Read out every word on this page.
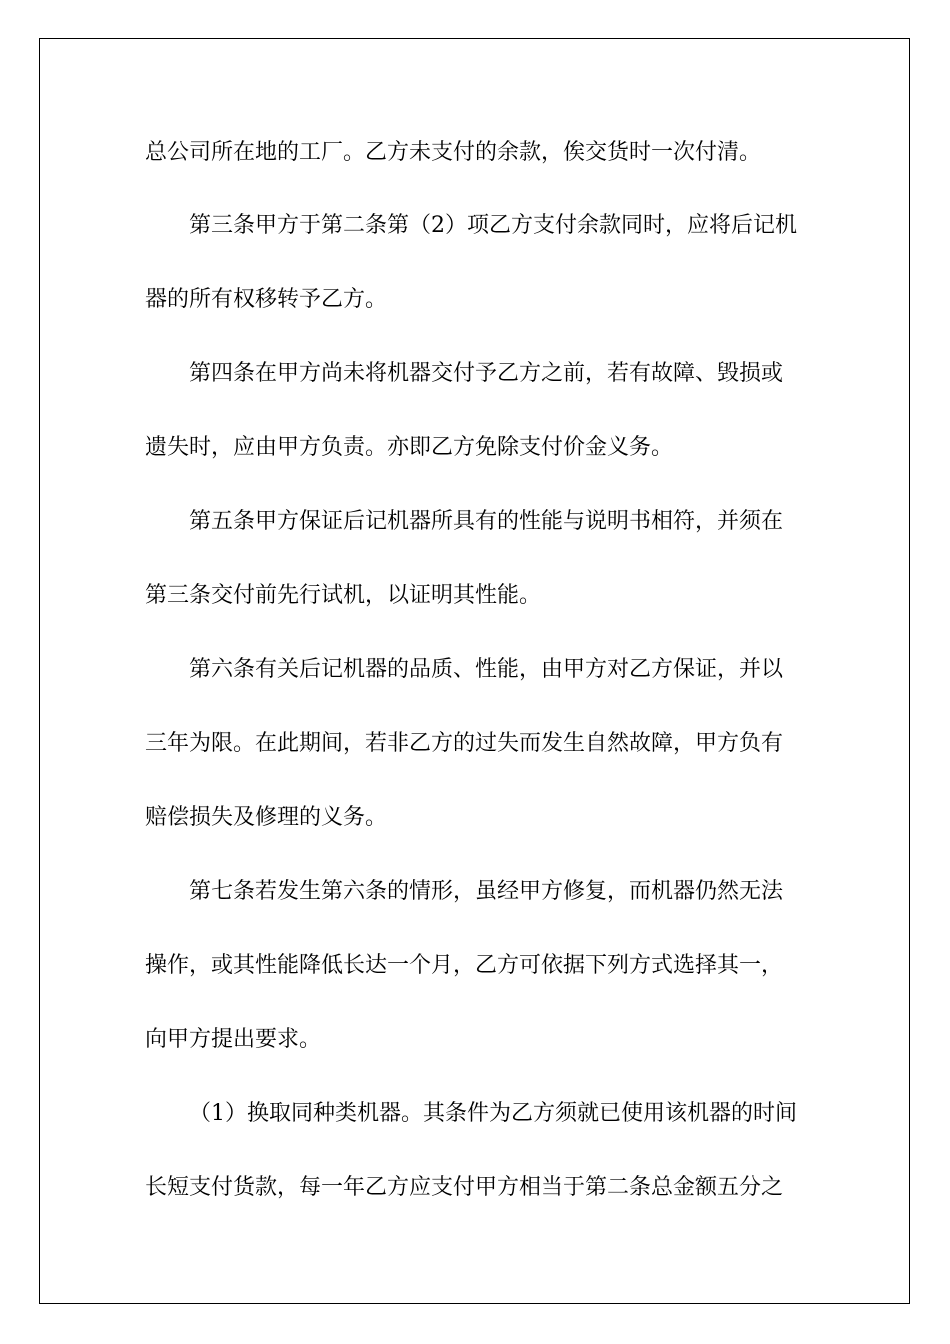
总公司所在地的工厂。乙方未支付的余款，俟交货时一次付清。
第三条甲方于第二条第（2）项乙方支付余款同时，应将后记机
器的所有权移转予乙方。
第四条在甲方尚未将机器交付予乙方之前，若有故障、毁损或
遗失时，应由甲方负责。亦即乙方免除支付价金义务。
第五条甲方保证后记机器所具有的性能与说明书相符，并须在
第三条交付前先行试机，以证明其性能。
第六条有关后记机器的品质、性能，由甲方对乙方保证，并以
三年为限。在此期间，若非乙方的过失而发生自然故障，甲方负有
赔偿损失及修理的义务。
第七条若发生第六条的情形，虽经甲方修复，而机器仍然无法
操作，或其性能降低长达一个月，乙方可依据下列方式选择其一，
向甲方提出要求。
（1）换取同种类机器。其条件为乙方须就已使用该机器的时间
长短支付货款，每一年乙方应支付甲方相当于第二条总金额五分之
